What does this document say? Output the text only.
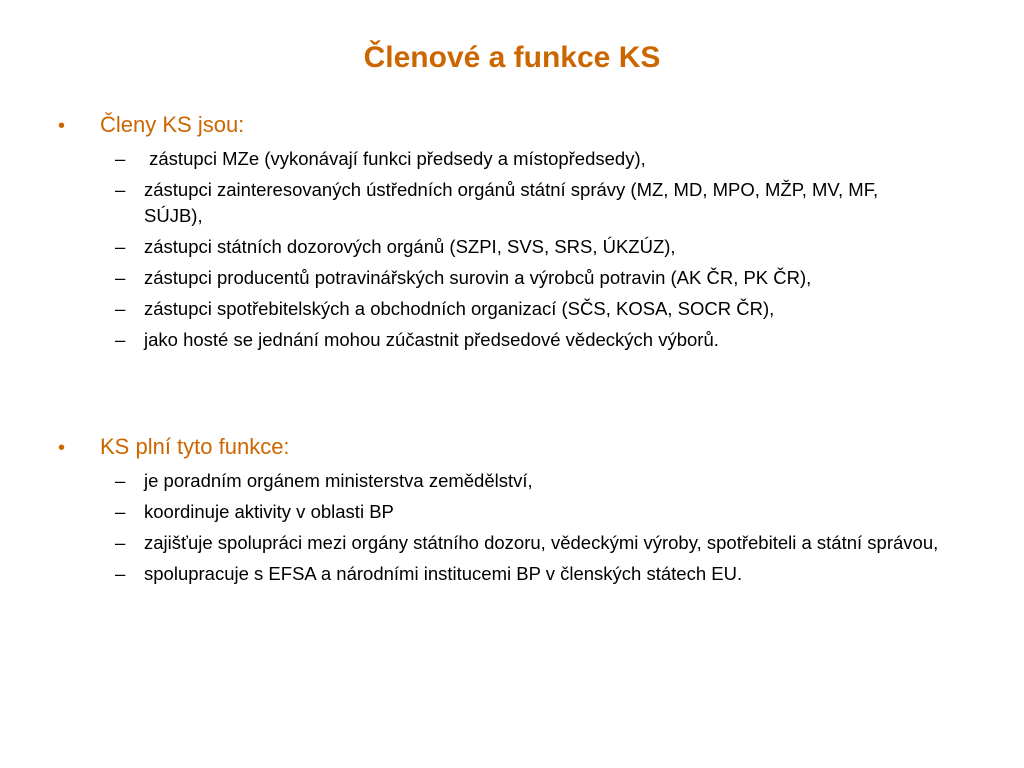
Členové a funkce KS
•	Členy KS jsou:
–	zástupci MZe (vykonávají funkci předsedy a místopředsedy),
–	zástupci zainteresovaných ústředních orgánů státní správy (MZ, MD, MPO, MŽP, MV, MF, SÚJB),
–	zástupci státních dozorových orgánů (SZPI, SVS, SRS, ÚKZÚZ),
–	zástupci producentů potravinářských surovin a výrobců potravin (AK ČR, PK ČR),
–	zástupci spotřebitelských a obchodních organizací (SČS, KOSA, SOCR ČR),
–	jako hosté se jednání mohou zúčastnit předsedové vědeckých výborů.
•	KS plní tyto funkce:
–	je poradním orgánem ministerstva zemědělství,
–	koordinuje aktivity v oblasti BP
–	zajišťuje spolupráci mezi orgány státního dozoru, vědeckými výroby, spotřebiteli a státní správou,
–	spolupracuje s EFSA a národními institucemi BP v členských státech EU.
